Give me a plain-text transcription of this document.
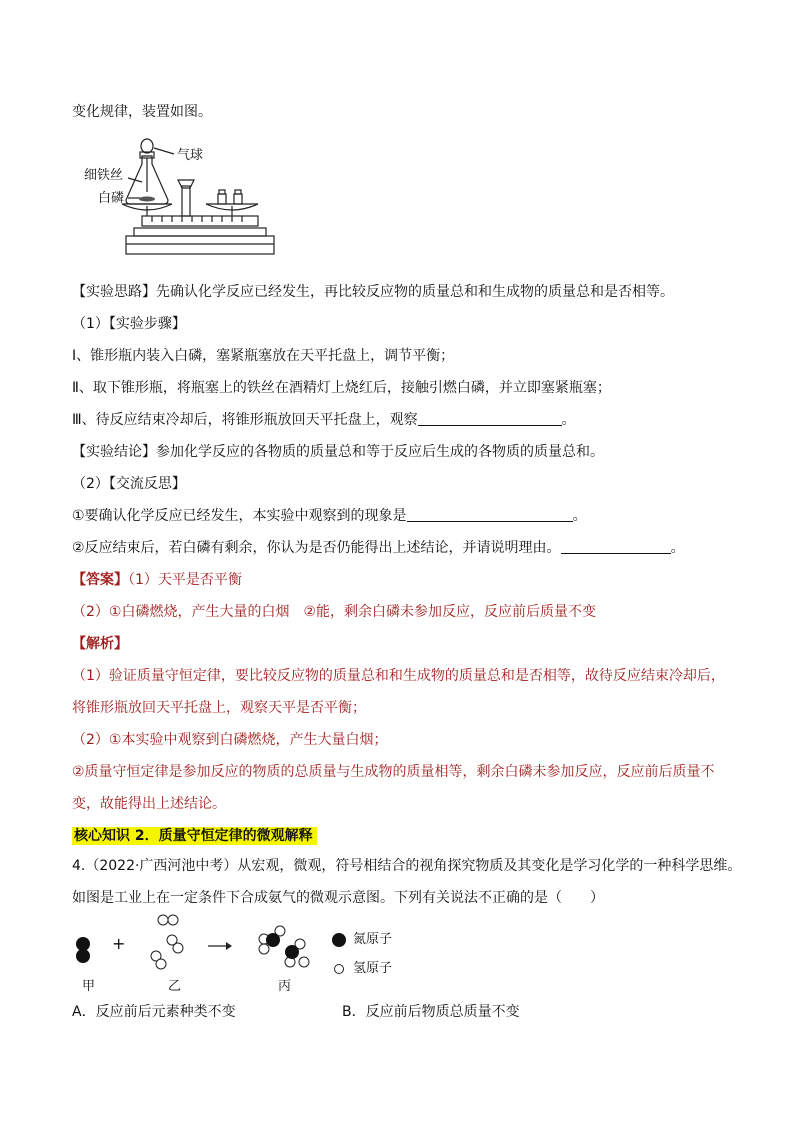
变化规律，装置如图。
气球
细铁丝
白磷
【实验思路】先确认化学反应已经发生，再比较反应物的质量总和和生成物的质量总和是否相等。
（1）【实验步骤】
Ⅰ、锥形瓶内装入白磷，塞紧瓶塞放在天平托盘上，调节平衡；
Ⅱ、取下锥形瓶，将瓶塞上的铁丝在酒精灯上烧红后，接触引燃白磷，并立即塞紧瓶塞；
Ⅲ、待反应结束冷却后，将锥形瓶放回天平托盘上，观察	。
【实验结论】参加化学反应的各物质的质量总和等于反应后生成的各物质的质量总和。
（2）【交流反思】
①要确认化学反应已经发生，本实验中观察到的现象是	。
②反应结束后，若白磷有剩余，你认为是否仍能得出上述结论，并请说明理由。	。
【答案】（1）天平是否平衡
（2）①白磷燃烧，产生大量的白烟　②能，剩余白磷未参加反应，反应前后质量不变
【解析】
（1）验证质量守恒定律，要比较反应物的质量总和和生成物的质量总和是否相等，故待反应结束冷却后，
将锥形瓶放回天平托盘上，观察天平是否平衡；
（2）①本实验中观察到白磷燃烧，产生大量白烟；
②质量守恒定律是参加反应的物质的总质量与生成物的质量相等，剩余白磷未参加反应，反应前后质量不
变，故能得出上述结论。
核心知识 2．质量守恒定律的微观解释
4.（2022·广西河池中考）从宏观，微观，符号相结合的视角探究物质及其变化是学习化学的一种科学思维。
如图是工业上在一定条件下合成氨气的微观示意图。下列有关说法不正确的是（　　）
+
甲	乙	丙
氮原子
氢原子
A．反应前后元素种类不变	B．反应前后物质总质量不变
